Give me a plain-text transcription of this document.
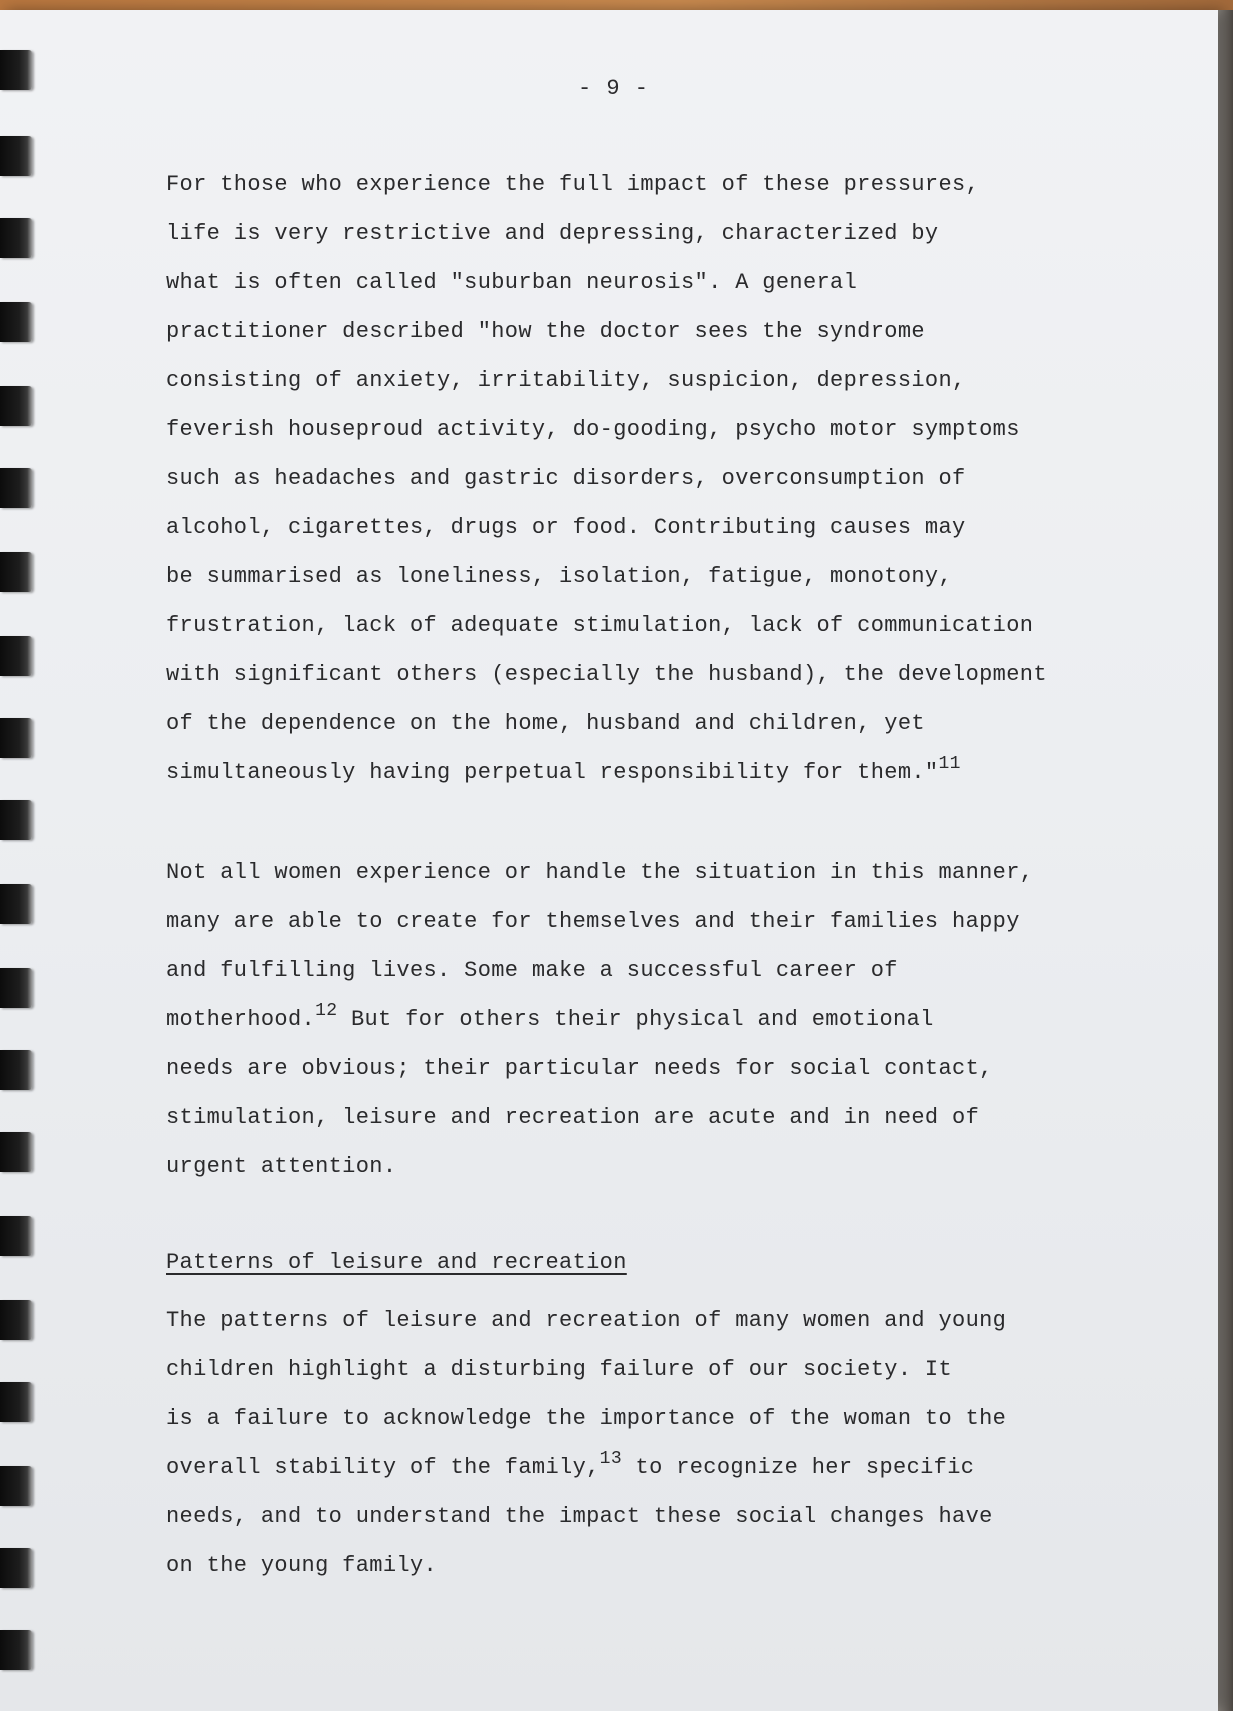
- 9 -

For those who experience the full impact of these pressures,
life is very restrictive and depressing, characterized by
what is often called "suburban neurosis". A general
practitioner described "how the doctor sees the syndrome
consisting of anxiety, irritability, suspicion, depression,
feverish houseproud activity, do-gooding, psycho motor symptoms
such as headaches and gastric disorders, overconsumption of
alcohol, cigarettes, drugs or food. Contributing causes may
be summarised as loneliness, isolation, fatigue, monotony,
frustration, lack of adequate stimulation, lack of communication
with significant others (especially the husband), the development
of the dependence on the home, husband and children, yet
simultaneously having perpetual responsibility for them."$^{11}$

Not all women experience or handle the situation in this manner,
many are able to create for themselves and their families happy
and fulfilling lives. Some make a successful career of
motherhood.$^{12}$ But for others their physical and emotional
needs are obvious; their particular needs for social contact,
stimulation, leisure and recreation are acute and in need of
urgent attention.

Patterns of leisure and recreation

The patterns of leisure and recreation of many women and young
children highlight a disturbing failure of our society. It
is a failure to acknowledge the importance of the woman to the
overall stability of the family,$^{13}$ to recognize her specific
needs, and to understand the impact these social changes have
on the young family.
